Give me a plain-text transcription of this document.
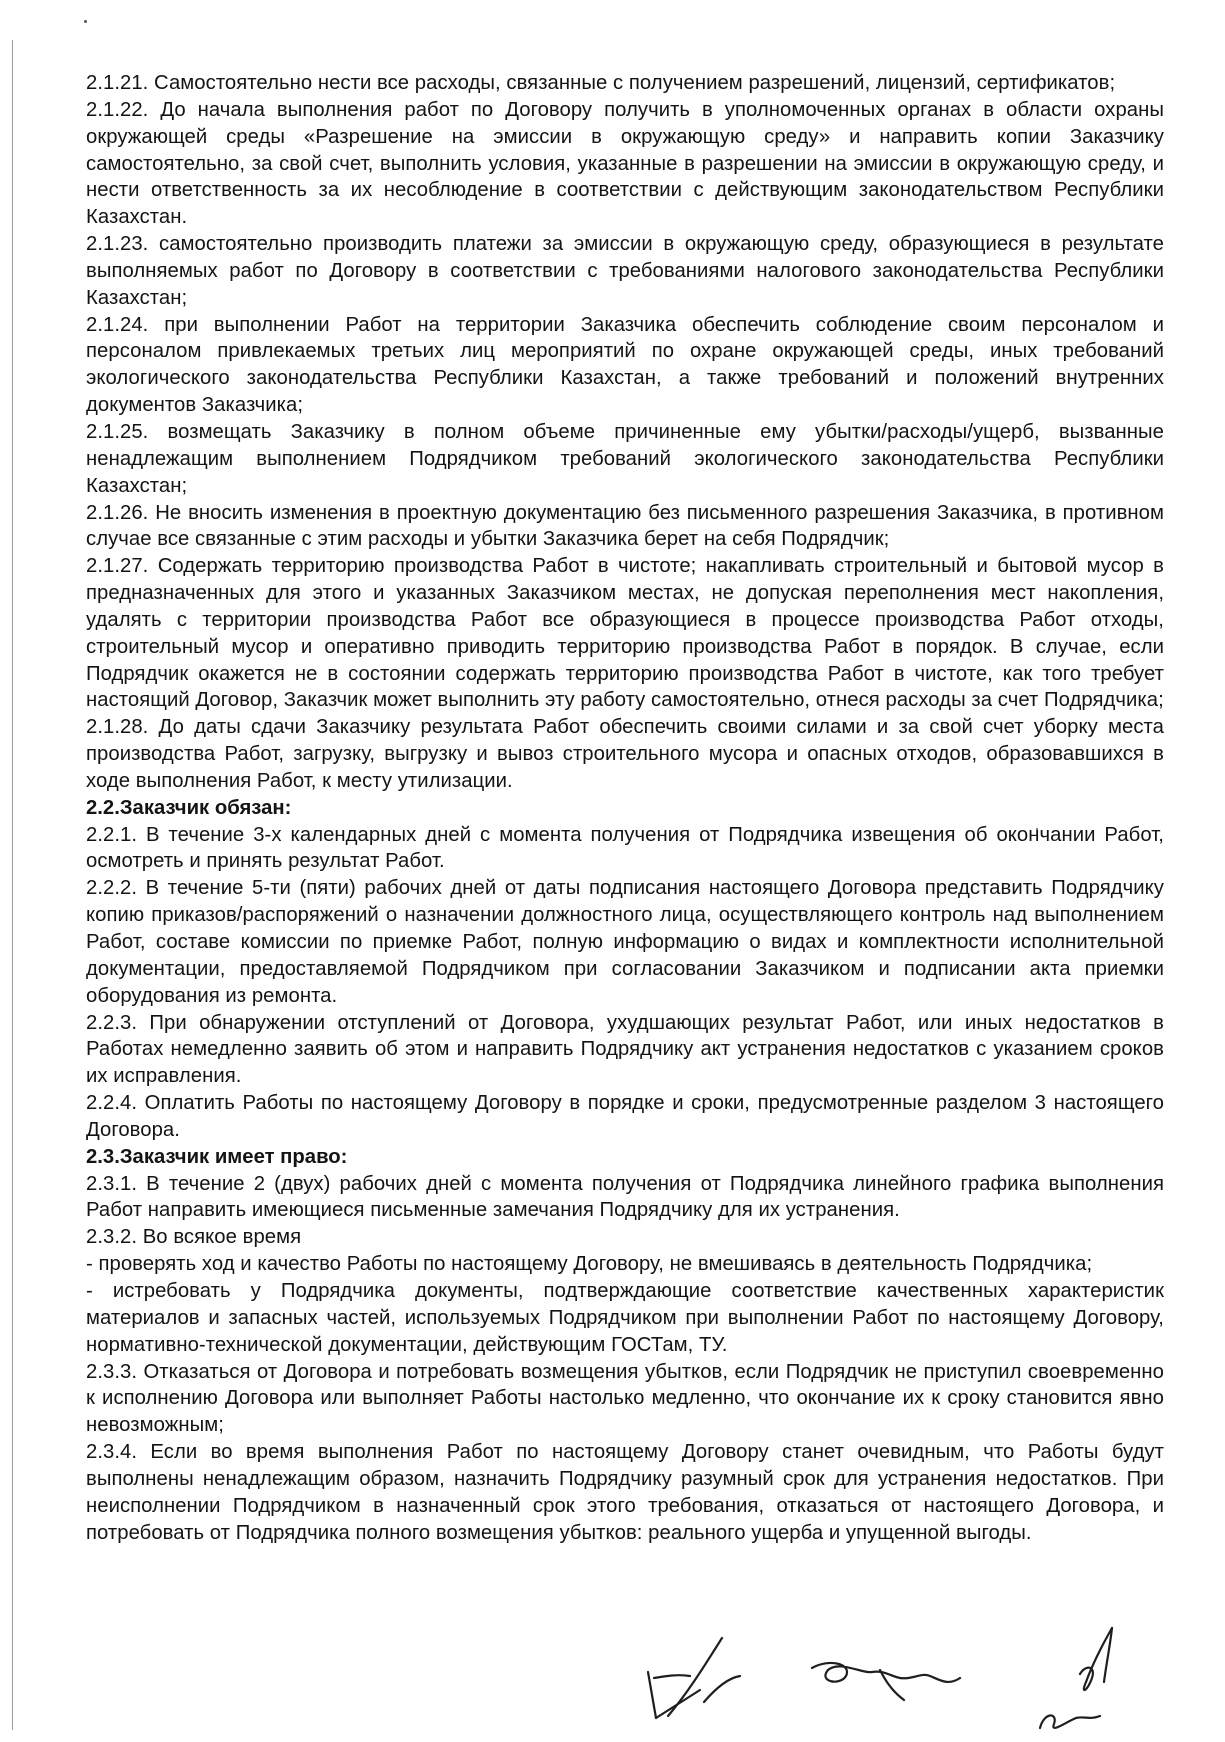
2.1.21. Самостоятельно нести все расходы, связанные с получением разрешений, лицензий, сертификатов;

2.1.22. До начала выполнения работ по Договору получить в уполномоченных органах в области охраны окружающей среды «Разрешение на эмиссии в окружающую среду» и направить копии Заказчику самостоятельно, за свой счет, выполнить условия, указанные в разрешении на эмиссии в окружающую среду, и нести ответственность за их несоблюдение в соответствии с действующим законодательством Республики Казахстан.

2.1.23. самостоятельно производить платежи за эмиссии в окружающую среду, образующиеся в результате выполняемых работ по Договору в соответствии с требованиями налогового законодательства Республики Казахстан;

2.1.24. при выполнении Работ на территории Заказчика обеспечить соблюдение своим персоналом и персоналом привлекаемых третьих лиц мероприятий по охране окружающей среды, иных требований экологического законодательства Республики Казахстан, а также требований и положений внутренних документов Заказчика;

2.1.25. возмещать Заказчику в полном объеме причиненные ему убытки/расходы/ущерб, вызванные ненадлежащим выполнением Подрядчиком требований экологического законодательства Республики Казахстан;

2.1.26. Не вносить изменения в проектную документацию без письменного разрешения Заказчика, в противном случае все связанные с этим расходы и убытки Заказчика берет на себя Подрядчик;

2.1.27. Содержать территорию производства Работ в чистоте; накапливать строительный и бытовой мусор в предназначенных для этого и указанных Заказчиком местах, не допуская переполнения мест накопления, удалять с территории производства Работ все образующиеся в процессе производства Работ отходы, строительный мусор и оперативно приводить территорию производства Работ в порядок. В случае, если Подрядчик окажется не в состоянии содержать территорию производства Работ в чистоте, как того требует настоящий Договор, Заказчик может выполнить эту работу самостоятельно, отнеся расходы за счет Подрядчика;

2.1.28. До даты сдачи Заказчику результата Работ обеспечить своими силами и за свой счет уборку места производства Работ, загрузку, выгрузку и вывоз строительного мусора и опасных отходов, образовавшихся в ходе выполнения Работ, к месту утилизации.

2.2.Заказчик обязан:

2.2.1. В течение 3-х календарных дней с момента получения от Подрядчика извещения об окончании Работ, осмотреть и принять результат Работ.

2.2.2. В течение 5-ти (пяти) рабочих дней от даты подписания настоящего Договора представить Подрядчику копию приказов/распоряжений о назначении должностного лица, осуществляющего контроль над выполнением Работ, составе комиссии по приемке Работ, полную информацию о видах и комплектности исполнительной документации, предоставляемой Подрядчиком при согласовании Заказчиком и подписании акта приемки оборудования из ремонта.

2.2.3. При обнаружении отступлений от Договора, ухудшающих результат Работ, или иных недостатков в Работах немедленно заявить об этом и направить Подрядчику акт устранения недостатков с указанием сроков их исправления.

2.2.4. Оплатить Работы по настоящему Договору в порядке и сроки, предусмотренные разделом 3 настоящего Договора.

2.3.Заказчик имеет право:

2.3.1. В течение 2 (двух) рабочих дней с момента получения от Подрядчика линейного графика выполнения Работ направить имеющиеся письменные замечания Подрядчику для их устранения.

2.3.2. Во всякое время

- проверять ход и качество Работы по настоящему Договору, не вмешиваясь в деятельность Подрядчика;

- истребовать у Подрядчика документы, подтверждающие соответствие качественных характеристик материалов и запасных частей, используемых Подрядчиком при выполнении Работ по настоящему Договору, нормативно-технической документации, действующим ГОСТам, ТУ.

2.3.3. Отказаться от Договора и потребовать возмещения убытков, если Подрядчик не приступил своевременно к исполнению Договора или выполняет Работы настолько медленно, что окончание их к сроку становится явно невозможным;

2.3.4. Если во время выполнения Работ по настоящему Договору станет очевидным, что Работы будут выполнены ненадлежащим образом, назначить Подрядчику разумный срок для устранения недостатков. При неисполнении Подрядчиком в назначенный срок этого требования, отказаться от настоящего Договора, и потребовать от Подрядчика полного возмещения убытков: реального ущерба и упущенной выгоды.
